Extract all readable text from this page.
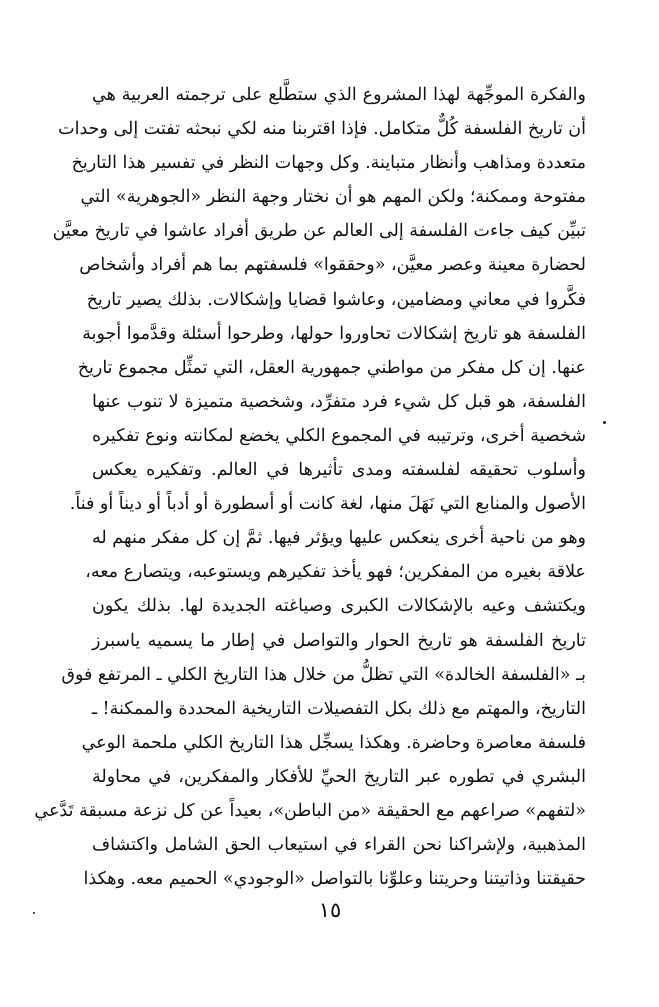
والفكرة الموجِّهة لهذا المشروع الذي ستطَّلع على ترجمته العربية هي
أن تاريخ الفلسفة كُلٌّ متكامل. فإذا اقتربنا منه لكي نبحثه تفتت إلى وحدات
متعددة ومذاهب وأنظار متباينة. وكل وجهات النظر في تفسير هذا التاريخ
مفتوحة وممكنة؛ ولكن المهم هو أن نختار وجهة النظر «الجوهرية» التي
تبيِّن كيف جاءت الفلسفة إلى العالم عن طريق أفراد عاشوا في تاريخ معيَّن
لحضارة معينة وعصر معيَّن، «وحققوا» فلسفتهم بما هم أفراد وأشخاص
فكَّروا في معاني ومضامين، وعاشوا قضايا وإشكالات. بذلك يصير تاريخ
الفلسفة هو تاريخ إشكالات تحاوروا حولها، وطرحوا أسئلة وقدَّموا أجوبة
عنها. إن كل مفكر من مواطني جمهورية العقل، التي تمثِّل مجموع تاريخ
الفلسفة، هو قبل كل شيء فرد متفرِّد، وشخصية متميزة لا تنوب عنها
شخصية أخرى، وترتيبه في المجموع الكلي يخضع لمكانته ونوع تفكيره
وأسلوب تحقيقه لفلسفته ومدى تأثيرها في العالم. وتفكيره يعكس
الأصول والمنابع التي نَهَلَ منها، لغة كانت أو أسطورة أو أدباً أو ديناً أو فناً.
وهو من ناحية أخرى ينعكس عليها ويؤثر فيها. ثمَّ إن كل مفكر منهم له
علاقة بغيره من المفكرين؛ فهو يأخذ تفكيرهم ويستوعبه، ويتصارع معه،
ويكتشف وعيه بالإشكالات الكبرى وصياغته الجديدة لها. بذلك يكون
تاريخ الفلسفة هو تاريخ الحوار والتواصل في إطار ما يسميه ياسبرز
بـ «الفلسفة الخالدة» التي تظلُّ من خلال هذا التاريخ الكلي ـ المرتفع فوق
التاريخ، والمهتم مع ذلك بكل التفصيلات التاريخية المحددة والممكنة! ـ
فلسفة معاصرة وحاضرة. وهكذا يسجِّل هذا التاريخ الكلي ملحمة الوعي
البشري في تطوره عبر التاريخ الحيِّ للأفكار والمفكرين، في محاولة
«لتفهم» صراعهم مع الحقيقة «من الباطن»، بعيداً عن كل نزعة مسبقة تَدَّعي
المذهبية، ولإشراكنا نحن القراء في استيعاب الحق الشامل واكتشاف
حقيقتنا وذاتيتنا وحريتنا وعلوِّنا بالتواصل «الوجودي» الحميم معه. وهكذا
١٥
